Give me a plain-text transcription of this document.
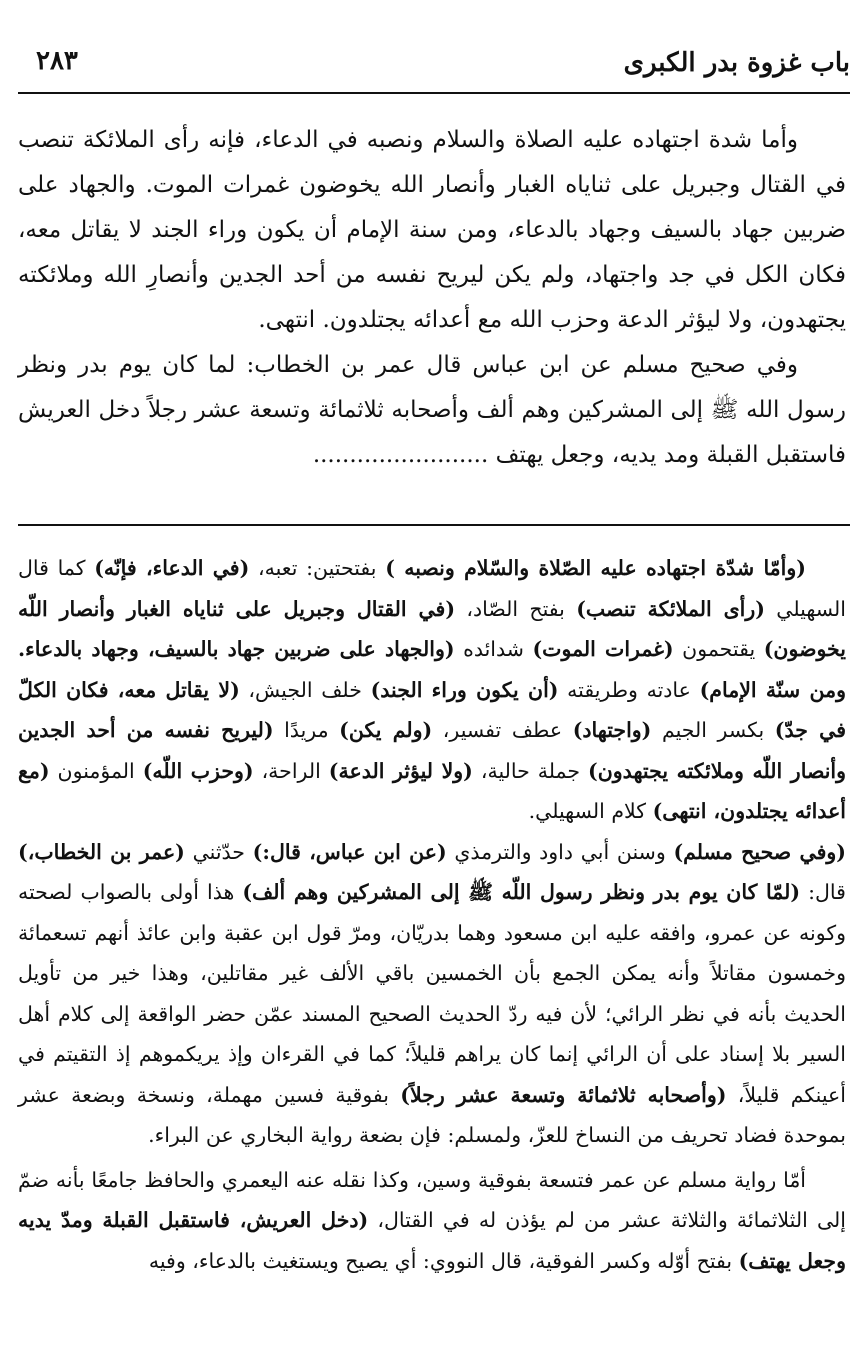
باب غزوة بدر الكبرى
٢٨٣

وأما شدة اجتهاده عليه الصلاة والسلام ونصبه في الدعاء، فإنه رأى الملائكة تنصب في القتال وجبريل على ثناياه الغبار وأنصار الله يخوضون غمرات الموت. والجهاد على ضربين جهاد بالسيف وجهاد بالدعاء، ومن سنة الإمام أن يكون وراء الجند لا يقاتل معه، فكان الكل في جد واجتهاد، ولم يكن ليريح نفسه من أحد الجدين وأنصارِ الله وملائكته يجتهدون، ولا ليؤثر الدعة وحزب الله مع أعدائه يجتلدون. انتهى.

وفي صحيح مسلم عن ابن عباس قال عمر بن الخطاب: لما كان يوم بدر ونظر رسول الله ﷺ إلى المشركين وهم ألف وأصحابه ثلاثمائة وتسعة عشر رجلاً دخل العريش فاستقبل القبلة ومد يديه، وجعل يهتف ........................

(وأمّا شدّة اجتهاده عليه الصّلاة والسّلام ونصبه ) بفتحتين: تعبه، (في الدعاء، فإنّه) كما قال السهيلي (رأى الملائكة تنصب) بفتح الصّاد، (في القتال وجبريل على ثناياه الغبار وأنصار اللّه يخوضون) يقتحمون (غمرات الموت) شدائده (والجهاد على ضربين جهاد بالسيف، وجهاد بالدعاء. ومن سنّة الإمام) عادته وطريقته (أن يكون وراء الجند) خلف الجيش، (لا يقاتل معه، فكان الكلّ في جدّ) بكسر الجيم (واجتهاد) عطف تفسير، (ولم يكن) مريدًا (ليريح نفسه من أحد الجدين وأنصار اللّه وملائكته يجتهدون) جملة حالية، (ولا ليؤثر الدعة) الراحة، (وحزب اللّه) المؤمنون (مع أعدائه يجتلدون، انتهى) كلام السهيلي.

(وفي صحيح مسلم) وسنن أبي داود والترمذي (عن ابن عباس، قال:) حدّثني (عمر بن الخطاب،) قال: (لمّا كان يوم بدر ونظر رسول اللّه ﷺ إلى المشركين وهم ألف) هذا أولى بالصواب لصحته وكونه عن عمرو، وافقه عليه ابن مسعود وهما بدريّان، ومرّ قول ابن عقبة وابن عائذ أنهم تسعمائة وخمسون مقاتلاً وأنه يمكن الجمع بأن الخمسين باقي الألف غير مقاتلين، وهذا خير من تأويل الحديث بأنه في نظر الرائي؛ لأن فيه ردّ الحديث الصحيح المسند عمّن حضر الواقعة إلى كلام أهل السير بلا إسناد على أن الرائي إنما كان يراهم قليلاً؛ كما في القرءان وإذ يريكموهم إذ التقيتم في أعينكم قليلاً، (وأصحابه ثلاثمائة وتسعة عشر رجلاً) بفوقية فسين مهملة، ونسخة وبضعة عشر بموحدة فضاد تحريف من النساخ للعزّ، ولمسلم: فإن بضعة رواية البخاري عن البراء.

أمّا رواية مسلم عن عمر فتسعة بفوقية وسين، وكذا نقله عنه اليعمري والحافظ جامعًا بأنه ضمّ إلى الثلاثمائة والثلاثة عشر من لم يؤذن له في القتال، (دخل العريش، فاستقبل القبلة ومدّ يديه وجعل يهتف) بفتح أوّله وكسر الفوقية، قال النووي: أي يصيح ويستغيث بالدعاء، وفيه
